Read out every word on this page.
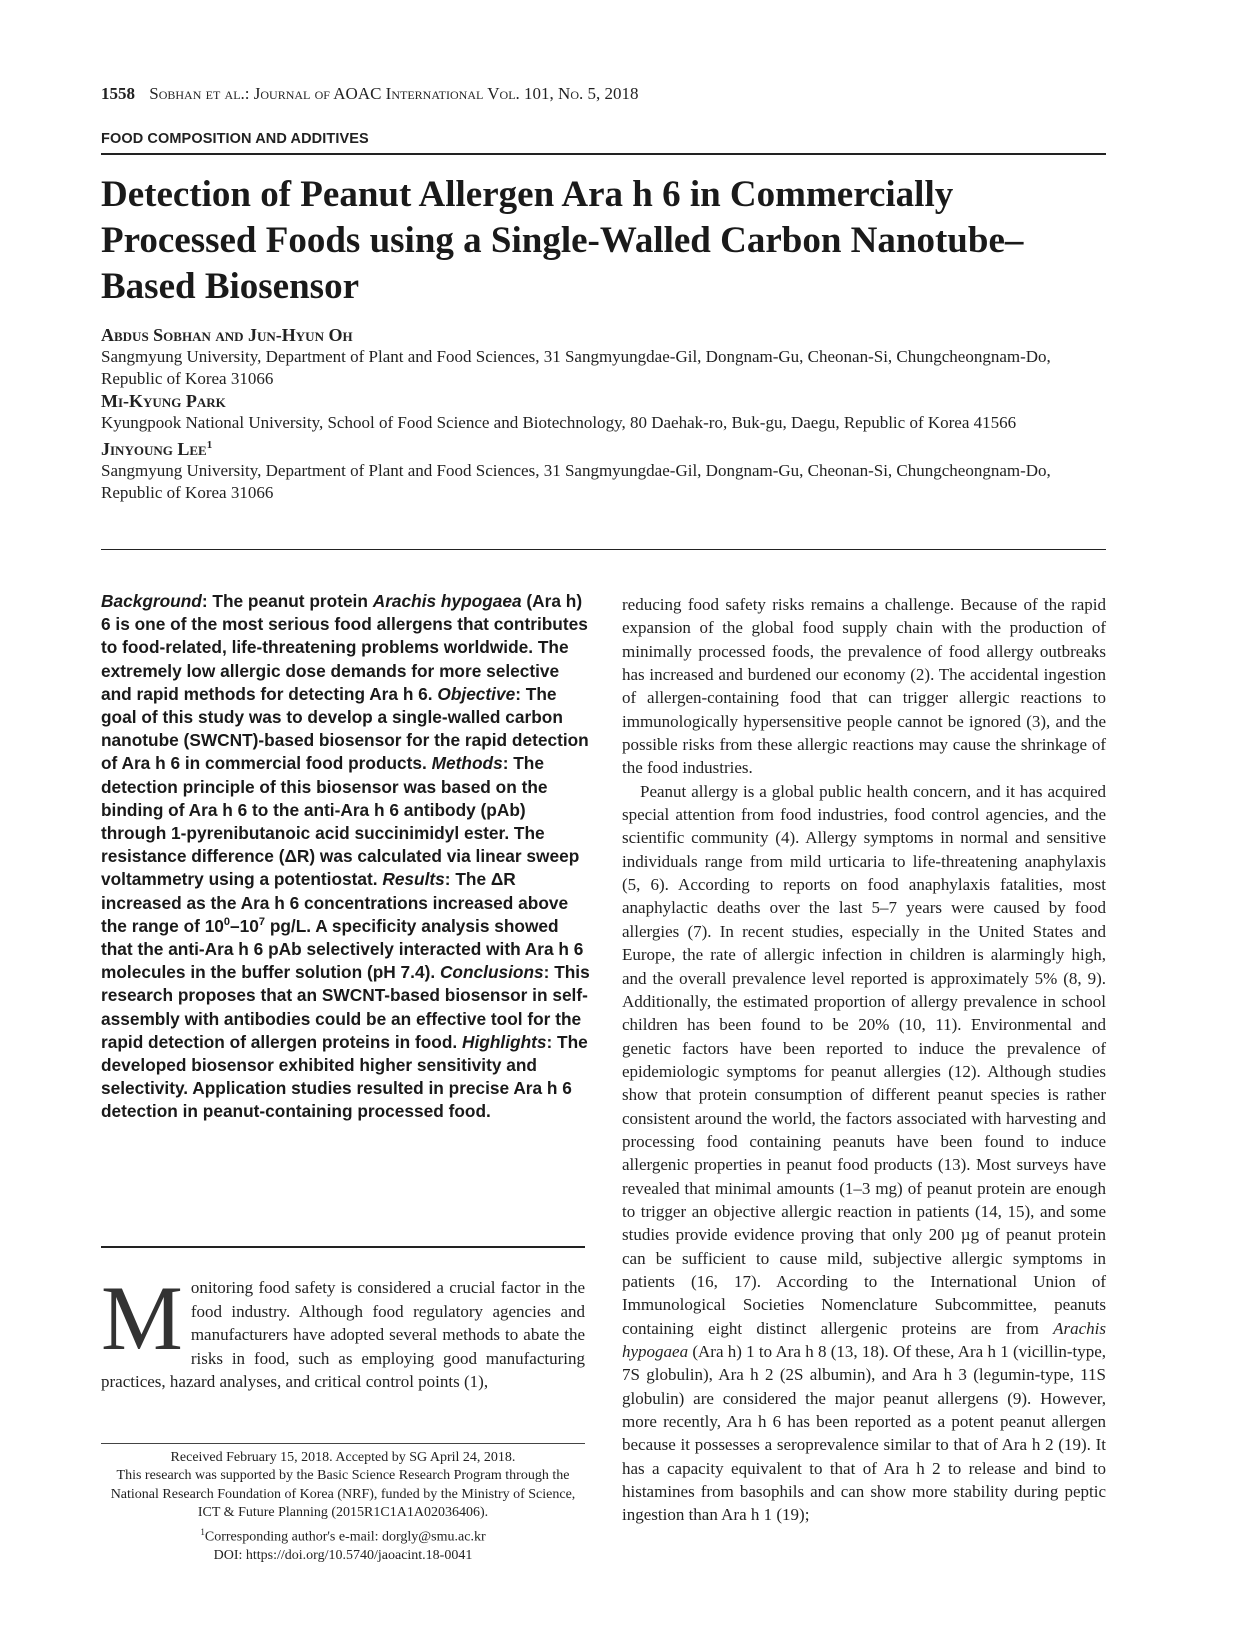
1558 Sobhan et al.: Journal of AOAC International Vol. 101, No. 5, 2018
FOOD COMPOSITION AND ADDITIVES
Detection of Peanut Allergen Ara h 6 in Commercially Processed Foods using a Single-Walled Carbon Nanotube–Based Biosensor
Abdus Sobhan and Jun-Hyun Oh
Sangmyung University, Department of Plant and Food Sciences, 31 Sangmyungdae-Gil, Dongnam-Gu, Cheonan-Si, Chungcheongnam-Do, Republic of Korea 31066
Mi-Kyung Park
Kyungpook National University, School of Food Science and Biotechnology, 80 Daehak-ro, Buk-gu, Daegu, Republic of Korea 41566
Jinyoung Lee$^1$
Sangmyung University, Department of Plant and Food Sciences, 31 Sangmyungdae-Gil, Dongnam-Gu, Cheonan-Si, Chungcheongnam-Do, Republic of Korea 31066

Background: The peanut protein Arachis hypogaea (Ara h) 6 is one of the most serious food allergens that contributes to food-related, life-threatening problems worldwide. The extremely low allergic dose demands for more selective and rapid methods for detecting Ara h 6. Objective: The goal of this study was to develop a single-walled carbon nanotube (SWCNT)-based biosensor for the rapid detection of Ara h 6 in commercial food products. Methods: The detection principle of this biosensor was based on the binding of Ara h 6 to the anti-Ara h 6 antibody (pAb) through 1-pyrenibutanoic acid succinimidyl ester. The resistance difference (ΔR) was calculated via linear sweep voltammetry using a potentiostat. Results: The ΔR increased as the Ara h 6 concentrations increased above the range of $10^0-10^7$ pg/L. A specificity analysis showed that the anti-Ara h 6 pAb selectively interacted with Ara h 6 molecules in the buffer solution (pH 7.4). Conclusions: This research proposes that an SWCNT-based biosensor in self-assembly with antibodies could be an effective tool for the rapid detection of allergen proteins in food. Highlights: The developed biosensor exhibited higher sensitivity and selectivity. Application studies resulted in precise Ara h 6 detection in peanut-containing processed food.

Monitoring food safety is considered a crucial factor in the food industry. Although food regulatory agencies and manufacturers have adopted several methods to abate the risks in food, such as employing good manufacturing practices, hazard analyses, and critical control points (1),

Received February 15, 2018. Accepted by SG April 24, 2018.
This research was supported by the Basic Science Research Program through the National Research Foundation of Korea (NRF), funded by the Ministry of Science, ICT & Future Planning (2015R1C1A1A02036406).
$^1$Corresponding author's e-mail: dorgly@smu.ac.kr
DOI: https://doi.org/10.5740/jaoacint.18-0041

reducing food safety risks remains a challenge. Because of the rapid expansion of the global food supply chain with the production of minimally processed foods, the prevalence of food allergy outbreaks has increased and burdened our economy (2). The accidental ingestion of allergen-containing food that can trigger allergic reactions to immunologically hypersensitive people cannot be ignored (3), and the possible risks from these allergic reactions may cause the shrinkage of the food industries.

Peanut allergy is a global public health concern, and it has acquired special attention from food industries, food control agencies, and the scientific community (4). Allergy symptoms in normal and sensitive individuals range from mild urticaria to life-threatening anaphylaxis (5, 6). According to reports on food anaphylaxis fatalities, most anaphylactic deaths over the last 5–7 years were caused by food allergies (7). In recent studies, especially in the United States and Europe, the rate of allergic infection in children is alarmingly high, and the overall prevalence level reported is approximately 5% (8, 9). Additionally, the estimated proportion of allergy prevalence in school children has been found to be 20% (10, 11). Environmental and genetic factors have been reported to induce the prevalence of epidemiologic symptoms for peanut allergies (12). Although studies show that protein consumption of different peanut species is rather consistent around the world, the factors associated with harvesting and processing food containing peanuts have been found to induce allergenic properties in peanut food products (13). Most surveys have revealed that minimal amounts (1–3 mg) of peanut protein are enough to trigger an objective allergic reaction in patients (14, 15), and some studies provide evidence proving that only 200 µg of peanut protein can be sufficient to cause mild, subjective allergic symptoms in patients (16, 17). According to the International Union of Immunological Societies Nomenclature Subcommittee, peanuts containing eight distinct allergenic proteins are from Arachis hypogaea (Ara h) 1 to Ara h 8 (13, 18). Of these, Ara h 1 (vicillin-type, 7S globulin), Ara h 2 (2S albumin), and Ara h 3 (legumin-type, 11S globulin) are considered the major peanut allergens (9). However, more recently, Ara h 6 has been reported as a potent peanut allergen because it possesses a seroprevalence similar to that of Ara h 2 (19). It has a capacity equivalent to that of Ara h 2 to release and bind to histamines from basophils and can show more stability during peptic ingestion than Ara h 1 (19);
